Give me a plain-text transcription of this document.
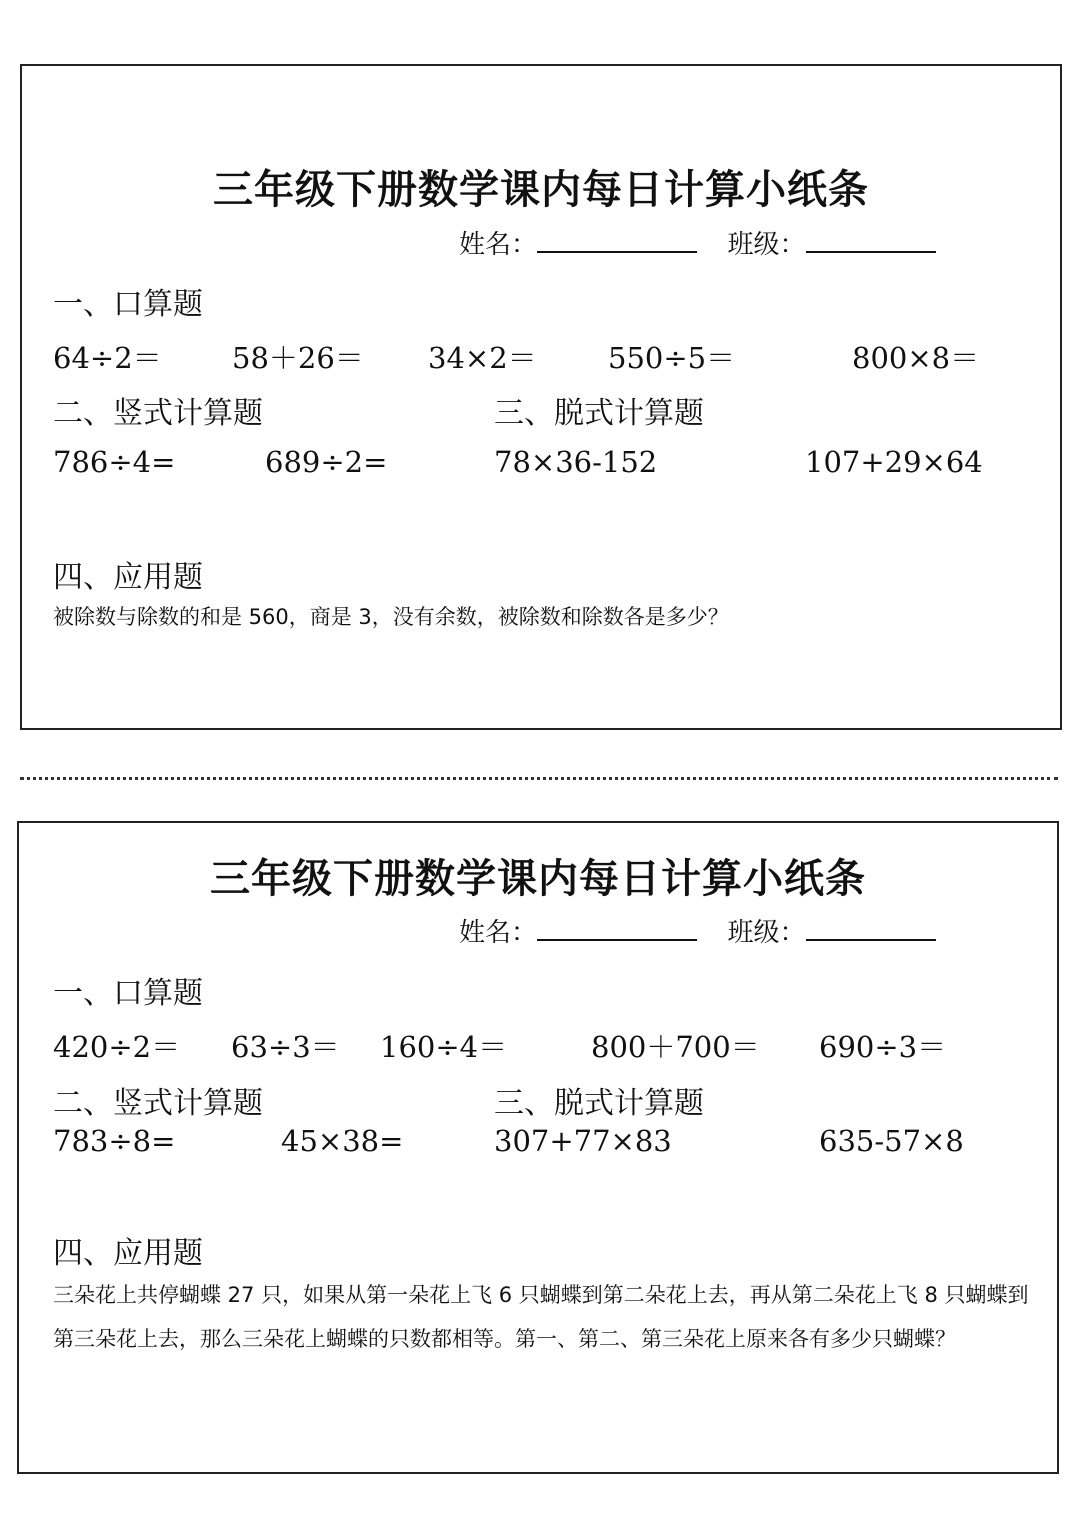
三年级下册数学课内每日计算小纸条
姓名：	班级：
一、口算题
64÷2＝ 58＋26＝ 34×2＝ 550÷5＝	800×8＝
二、竖式计算题	三、脱式计算题
786÷4=	689÷2=	78×36-152	107+29×64
四、应用题
被除数与除数的和是 560，商是 3，没有余数，被除数和除数各是多少？
三年级下册数学课内每日计算小纸条
姓名：	班级：
一、口算题
420÷2＝ 63÷3＝ 160÷4＝	800＋700＝ 690÷3＝
二、竖式计算题	三、脱式计算题
783÷8=	45×38=	307+77×83	635-57×8
四、应用题
三朵花上共停蝴蝶 27 只，如果从第一朵花上飞 6 只蝴蝶到第二朵花上去，再从第二朵花上飞 8 只蝴蝶到第三朵花上去，那么三朵花上蝴蝶的只数都相等。第一、第二、第三朵花上原来各有多少只蝴蝶？
